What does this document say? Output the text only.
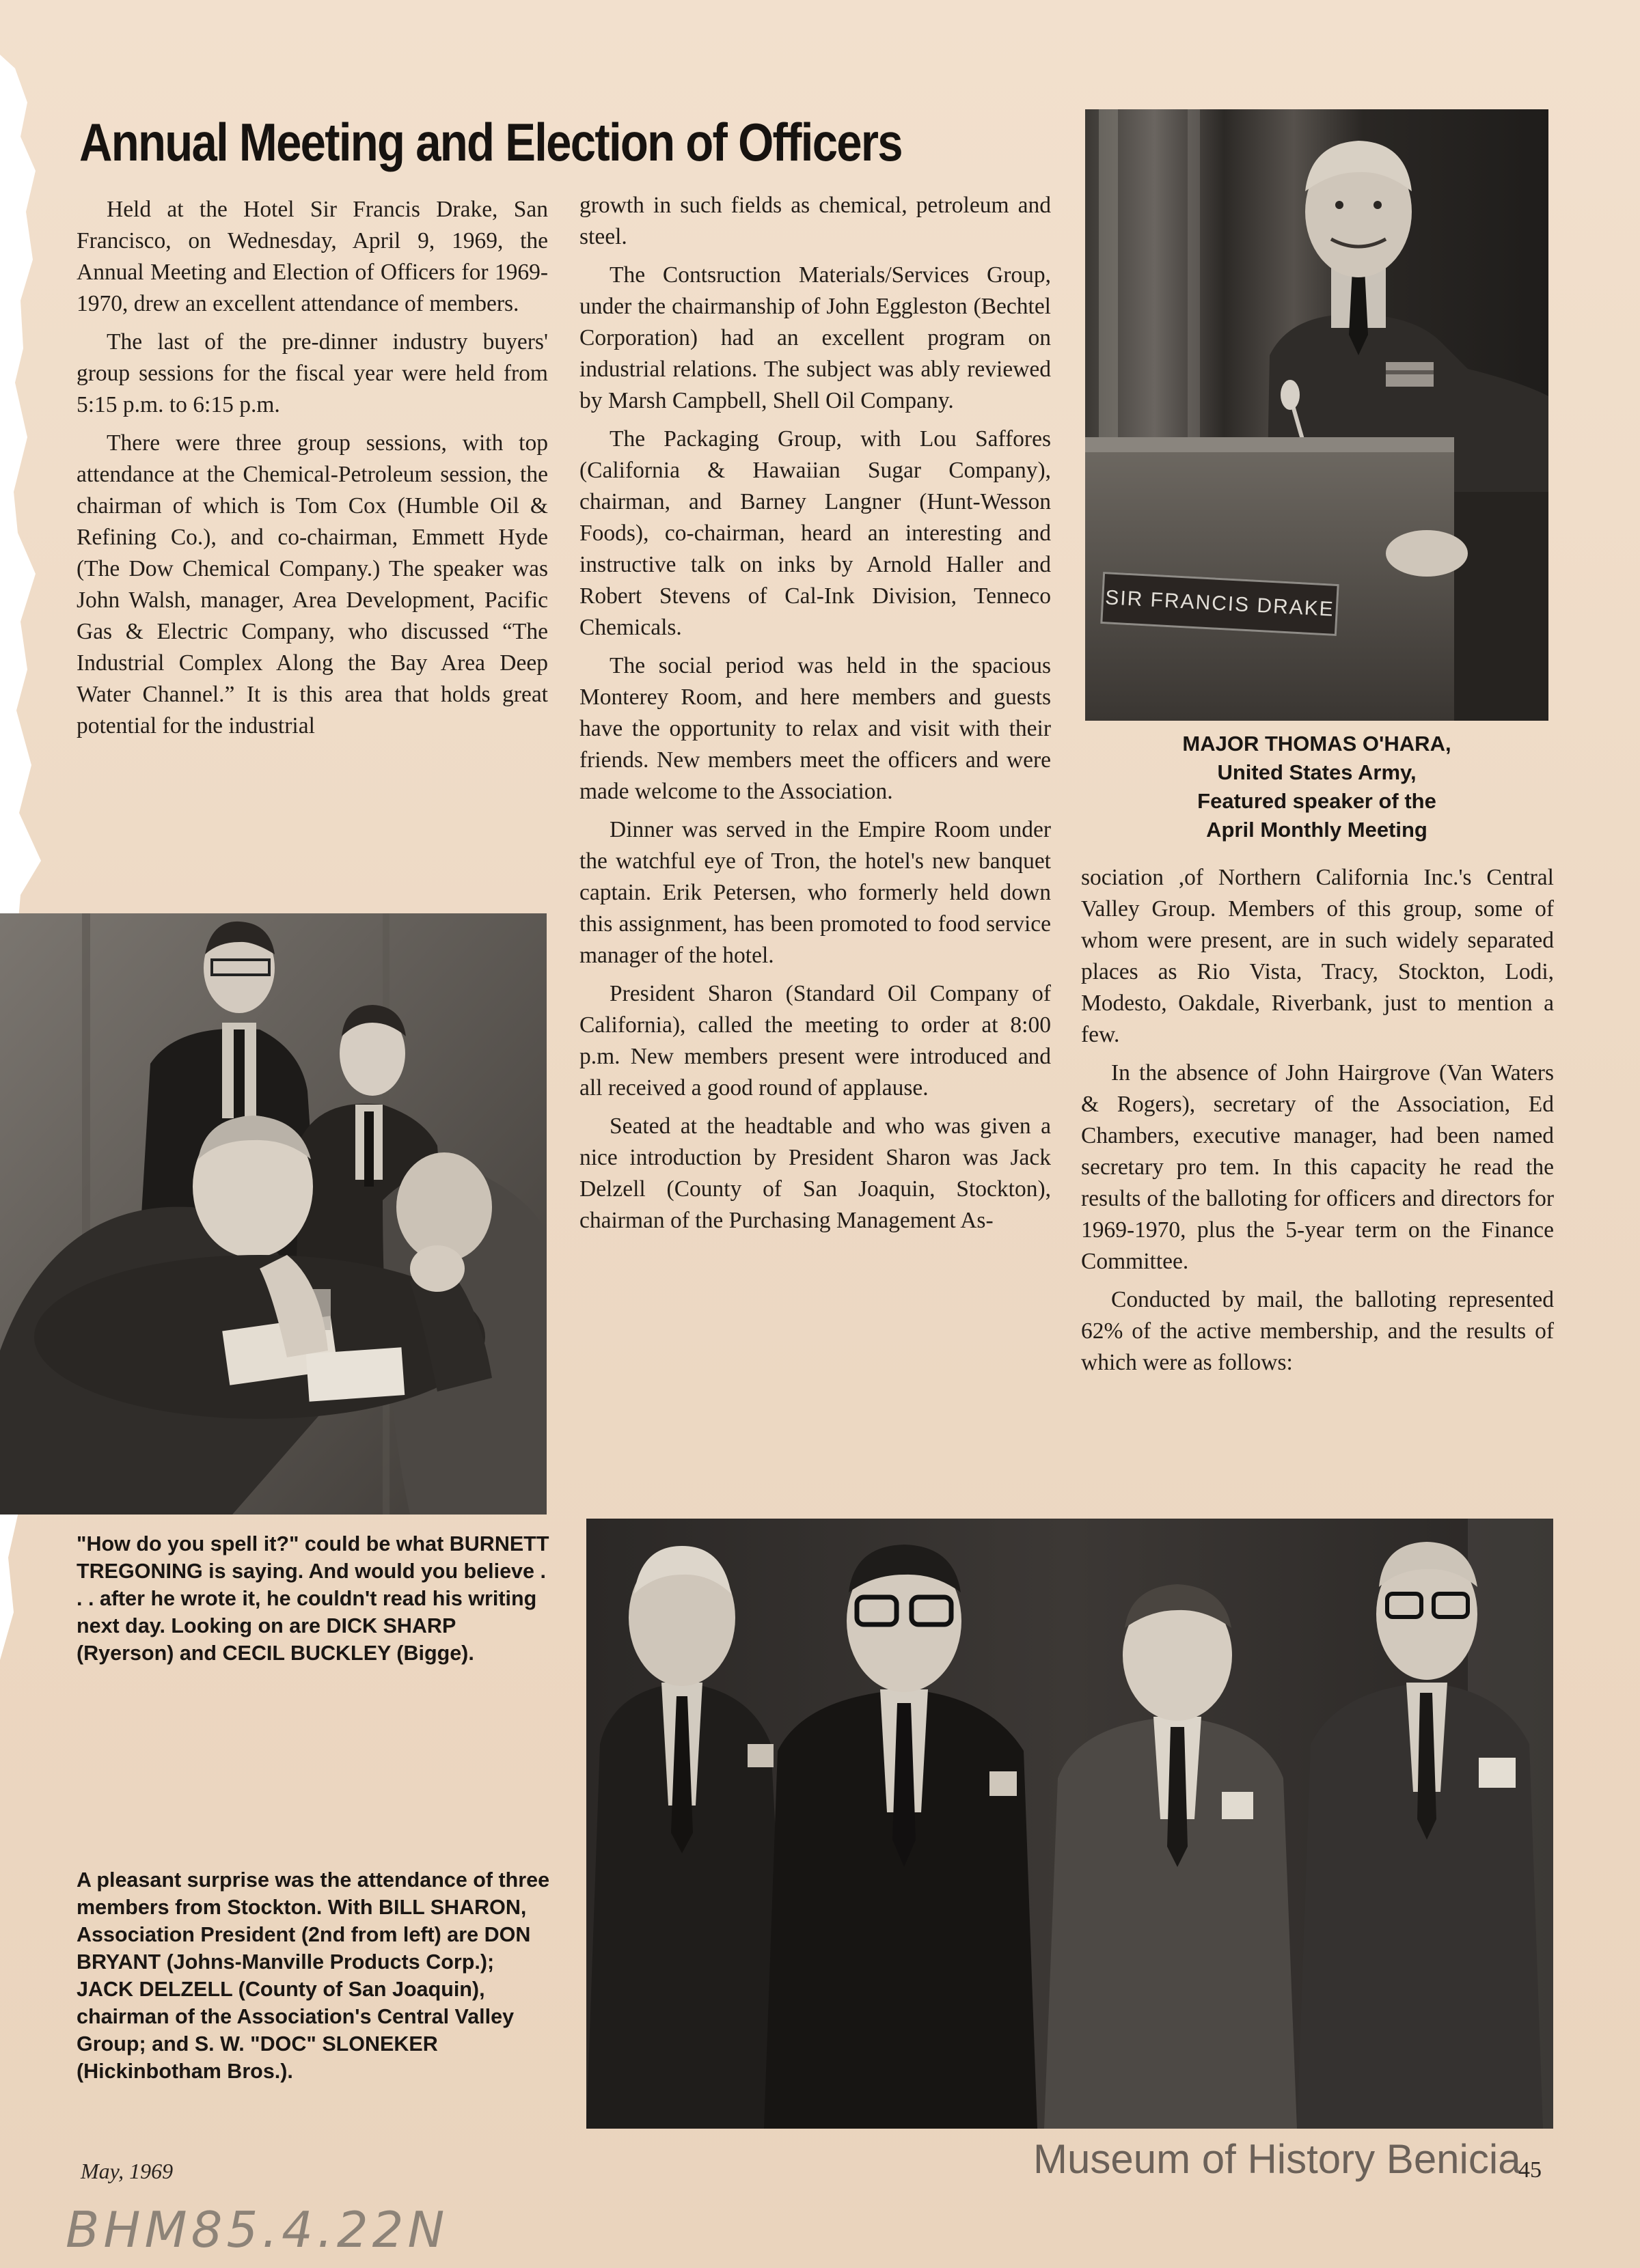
Annual Meeting and Election of Officers

Held at the Hotel Sir Francis Drake, San Francisco, on Wednesday, April 9, 1969, the Annual Meeting and Election of Officers for 1969-1970, drew an excellent attendance of members.

The last of the pre-dinner industry buyers' group sessions for the fiscal year were held from 5:15 p.m. to 6:15 p.m.

There were three group sessions, with top attendance at the Chemical-Petroleum session, the chairman of which is Tom Cox (Humble Oil & Refining Co.), and co-chairman, Emmett Hyde (The Dow Chemical Company.) The speaker was John Walsh, manager, Area Development, Pacific Gas & Electric Company, who discussed “The Industrial Complex Along the Bay Area Deep Water Channel.” It is this area that holds great potential for the industrial

growth in such fields as chemical, petroleum and steel.

The Contsruction Materials/Services Group, under the chairmanship of John Eggleston (Bechtel Corporation) had an excellent program on industrial relations. The subject was ably reviewed by Marsh Campbell, Shell Oil Company.

The Packaging Group, with Lou Saffores (California & Hawaiian Sugar Company), chairman, and Barney Langner (Hunt-Wesson Foods), co-chairman, heard an interesting and instructive talk on inks by Arnold Haller and Robert Stevens of Cal-Ink Division, Tenneco Chemicals.

The social period was held in the spacious Monterey Room, and here members and guests have the opportunity to relax and visit with their friends. New members meet the officers and were made welcome to the Association.

Dinner was served in the Empire Room under the watchful eye of Tron, the hotel's new banquet captain. Erik Petersen, who formerly held down this assignment, has been promoted to food service manager of the hotel.

President Sharon (Standard Oil Company of California), called the meeting to order at 8:00 p.m. New members present were introduced and all received a good round of applause.

Seated at the headtable and who was given a nice introduction by President Sharon was Jack Delzell (County of San Joaquin, Stockton), chairman of the Purchasing Management As-

sociation ,of Northern California Inc.'s Central Valley Group. Members of this group, some of whom were present, are in such widely separated places as Rio Vista, Tracy, Stockton, Lodi, Modesto, Oakdale, Riverbank, just to mention a few.

In the absence of John Hairgrove (Van Waters & Rogers), secretary of the Association, Ed Chambers, executive manager, had been named secretary pro tem. In this capacity he read the results of the balloting for officers and directors for 1969-1970, plus the 5-year term on the Finance Committee.

Conducted by mail, the balloting represented 62% of the active membership, and the results of which were as follows:

SIR FRANCIS DRAKE

MAJOR THOMAS O'HARA,
United States Army,
Featured speaker of the
April Monthly Meeting

"How do you spell it?" could be what BURNETT TREGONING is saying. And would you believe . . . after he wrote it, he couldn't read his writing next day. Looking on are DICK SHARP (Ryerson) and CECIL BUCKLEY (Bigge).

A pleasant surprise was the attendance of three members from Stockton. With BILL SHARON, Association President (2nd from left) are DON BRYANT (Johns-Manville Products Corp.); JACK DELZELL (County of San Joaquin), chairman of the Association's Central Valley Group; and S. W. "DOC" SLONEKER (Hickinbotham Bros.).

May, 1969	45
Museum of History Benicia
BHM85.4.22N
